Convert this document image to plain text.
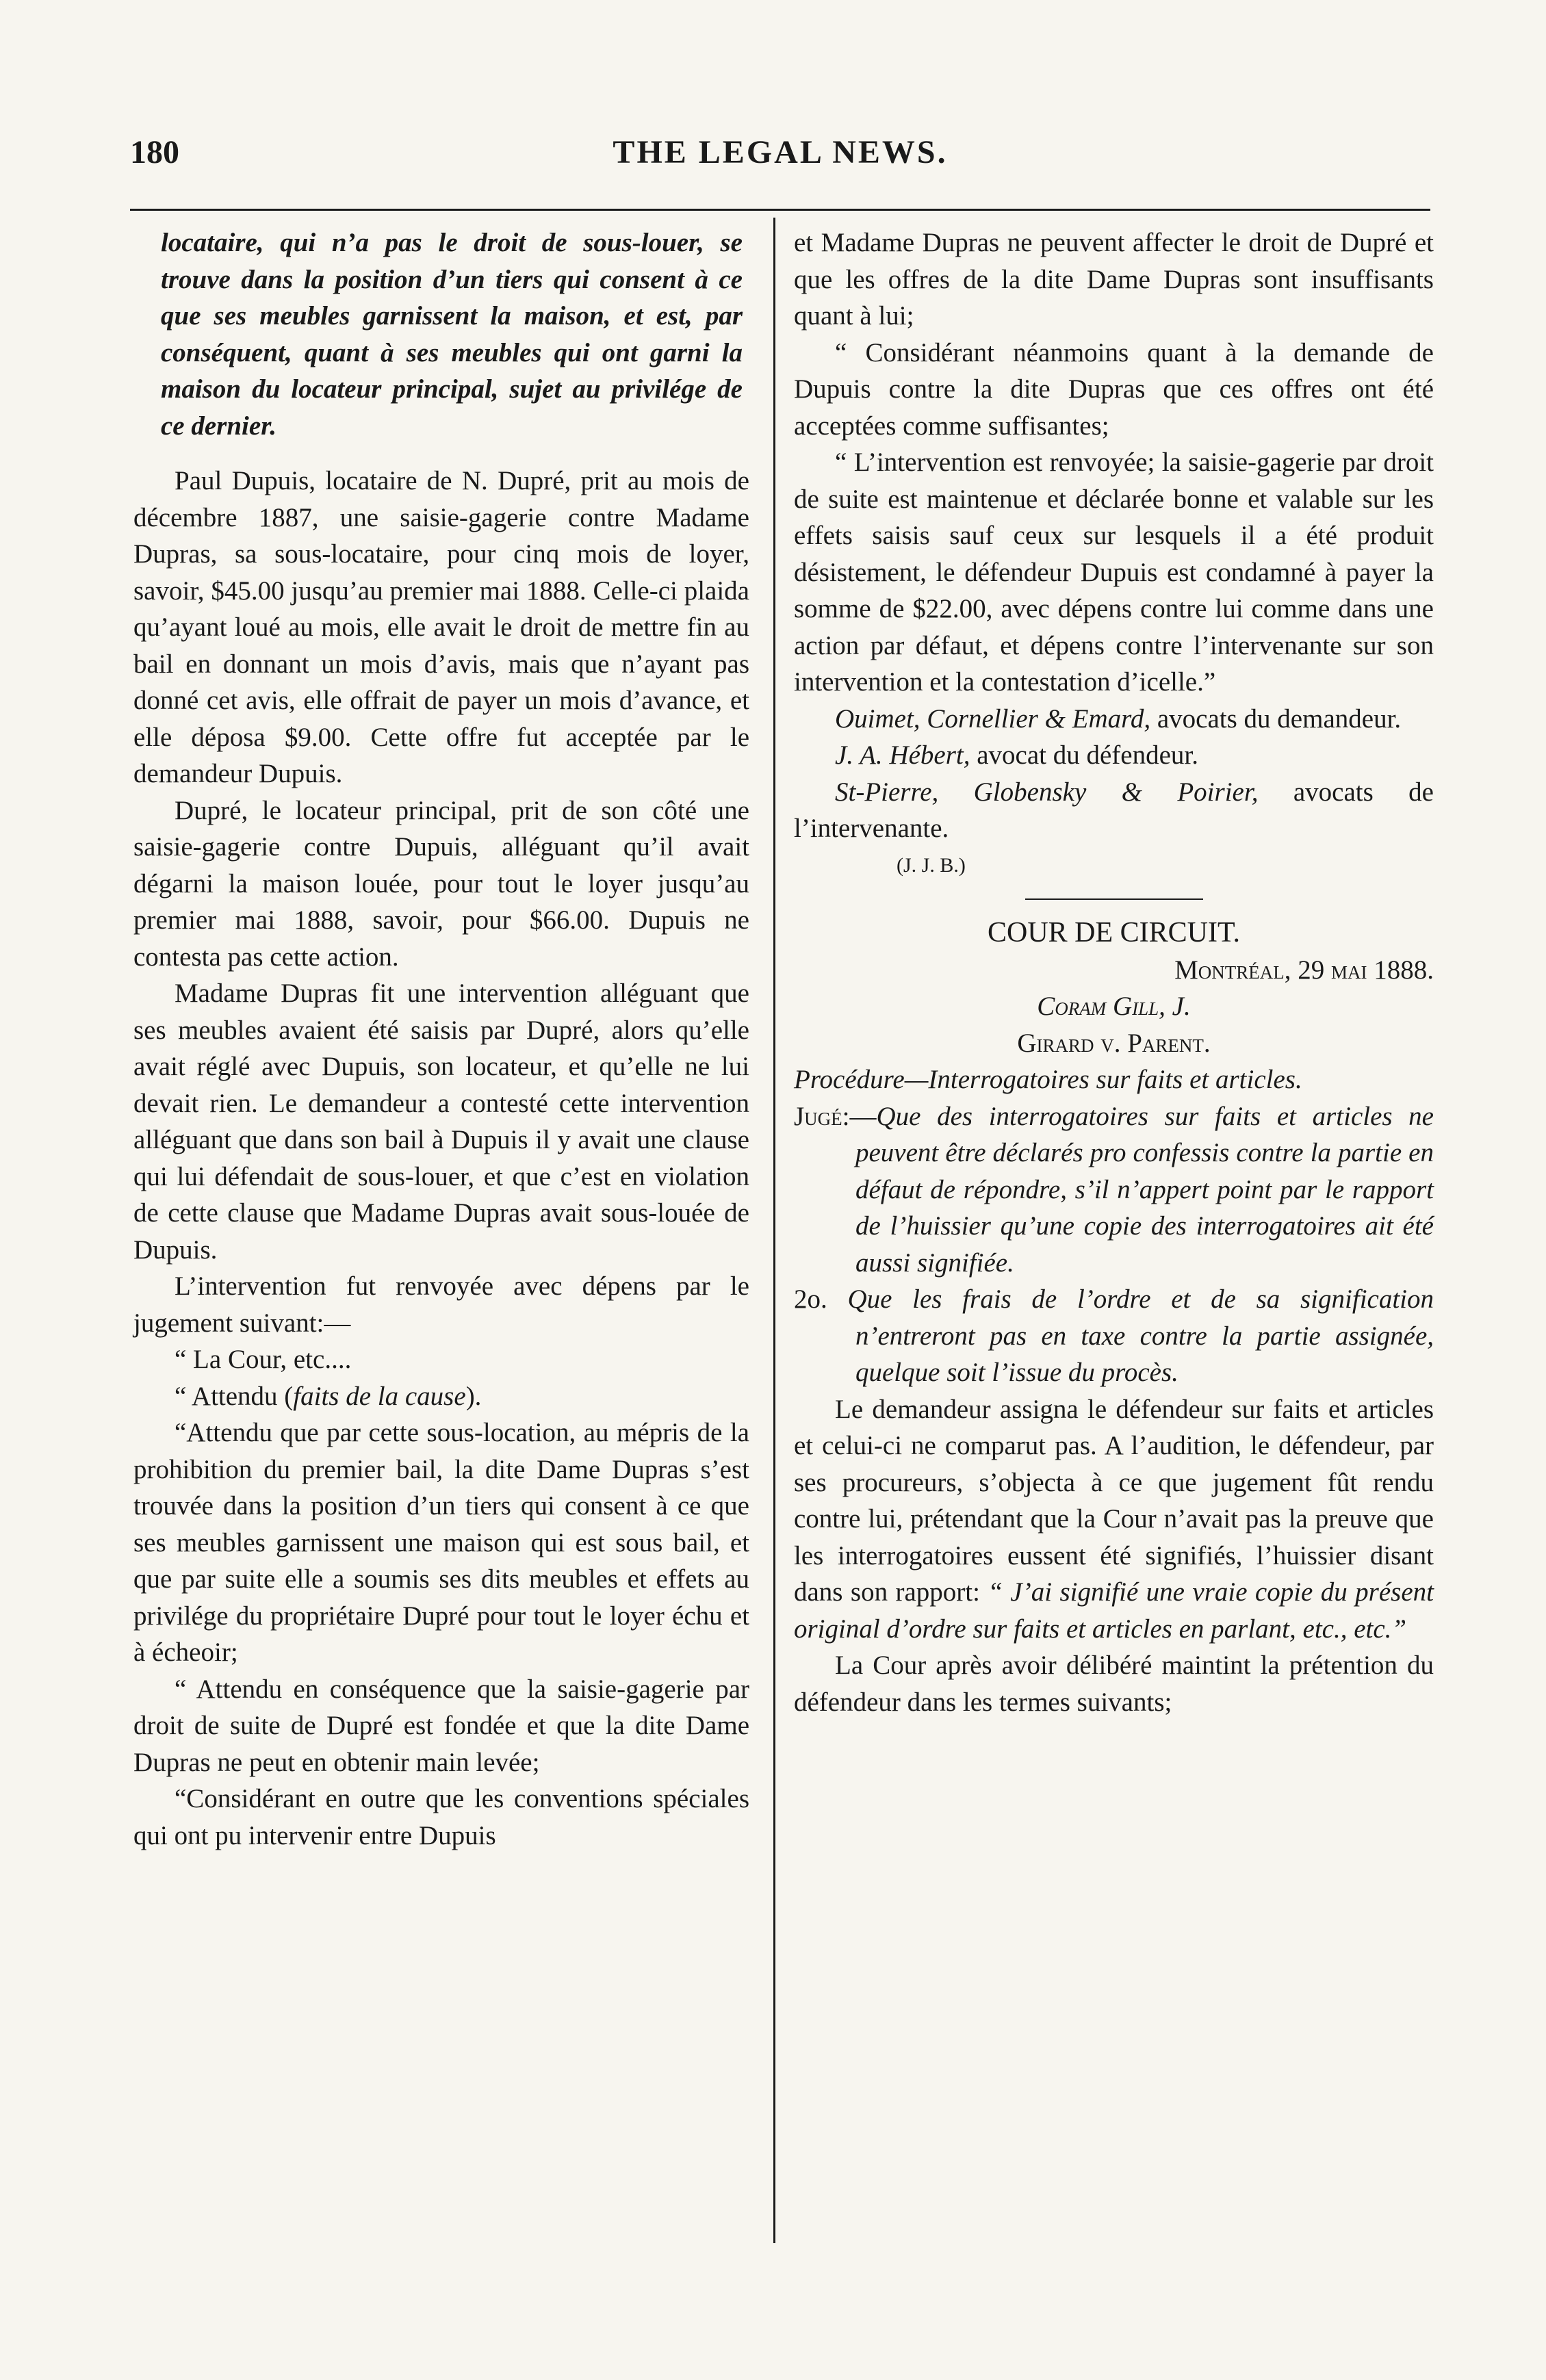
180	THE LEGAL NEWS.

locataire, qui n’a pas le droit de sous-louer, se trouve dans la position d’un tiers qui consent à ce que ses meubles garnissent la maison, et est, par conséquent, quant à ses meubles qui ont garni la maison du locateur principal, sujet au privilége de ce dernier.

Paul Dupuis, locataire de N. Dupré, prit au mois de décembre 1887, une saisie-gagerie contre Madame Dupras, sa sous-locataire, pour cinq mois de loyer, savoir, $45.00 jusqu’au premier mai 1888. Celle-ci plaida qu’ayant loué au mois, elle avait le droit de mettre fin au bail en donnant un mois d’avis, mais que n’ayant pas donné cet avis, elle offrait de payer un mois d’avance, et elle déposa $9.00. Cette offre fut acceptée par le demandeur Dupuis.

Dupré, le locateur principal, prit de son côté une saisie-gagerie contre Dupuis, alléguant qu’il avait dégarni la maison louée, pour tout le loyer jusqu’au premier mai 1888, savoir, pour $66.00. Dupuis ne contesta pas cette action.

Madame Dupras fit une intervention alléguant que ses meubles avaient été saisis par Dupré, alors qu’elle avait réglé avec Dupuis, son locateur, et qu’elle ne lui devait rien. Le demandeur a contesté cette intervention alléguant que dans son bail à Dupuis il y avait une clause qui lui défendait de sous-louer, et que c’est en violation de cette clause que Madame Dupras avait sous-louée de Dupuis.

L’intervention fut renvoyée avec dépens par le jugement suivant:—

“ La Cour, etc....

“ Attendu (faits de la cause).

“Attendu que par cette sous-location, au mépris de la prohibition du premier bail, la dite Dame Dupras s’est trouvée dans la position d’un tiers qui consent à ce que ses meubles garnissent une maison qui est sous bail, et que par suite elle a soumis ses dits meubles et effets au privilége du propriétaire Dupré pour tout le loyer échu et à écheoir;

“ Attendu en conséquence que la saisie-gagerie par droit de suite de Dupré est fondée et que la dite Dame Dupras ne peut en obtenir main levée;

“Considérant en outre que les conventions spéciales qui ont pu intervenir entre Dupuis

et Madame Dupras ne peuvent affecter le droit de Dupré et que les offres de la dite Dame Dupras sont insuffisants quant à lui;

“ Considérant néanmoins quant à la demande de Dupuis contre la dite Dupras que ces offres ont été acceptées comme suffisantes;

“ L’intervention est renvoyée; la saisie-gagerie par droit de suite est maintenue et déclarée bonne et valable sur les effets saisis sauf ceux sur lesquels il a été produit désistement, le défendeur Dupuis est condamné à payer la somme de $22.00, avec dépens contre lui comme dans une action par défaut, et dépens contre l’intervenante sur son intervention et la contestation d’icelle.”

Ouimet, Cornellier & Emard, avocats du demandeur.

J. A. Hébert, avocat du défendeur.

St-Pierre, Globensky & Poirier, avocats de l’intervenante.

(J. J. B.)

COUR DE CIRCUIT.

Montréal, 29 mai 1888.

Coram Gill, J.

Girard v. Parent.

Procédure—Interrogatoires sur faits et articles.

Jugé:—Que des interrogatoires sur faits et articles ne peuvent être déclarés pro confessis contre la partie en défaut de répondre, s’il n’appert point par le rapport de l’huissier qu’une copie des interrogatoires ait été aussi signifiée.

2o. Que les frais de l’ordre et de sa signification n’entreront pas en taxe contre la partie assignée, quelque soit l’issue du procès.

Le demandeur assigna le défendeur sur faits et articles et celui-ci ne comparut pas. A l’audition, le défendeur, par ses procureurs, s’objecta à ce que jugement fût rendu contre lui, prétendant que la Cour n’avait pas la preuve que les interrogatoires eussent été signifiés, l’huissier disant dans son rapport: “ J’ai signifié une vraie copie du présent original d’ordre sur faits et articles en parlant, etc., etc.”

La Cour après avoir délibéré maintint la prétention du défendeur dans les termes suivants;
